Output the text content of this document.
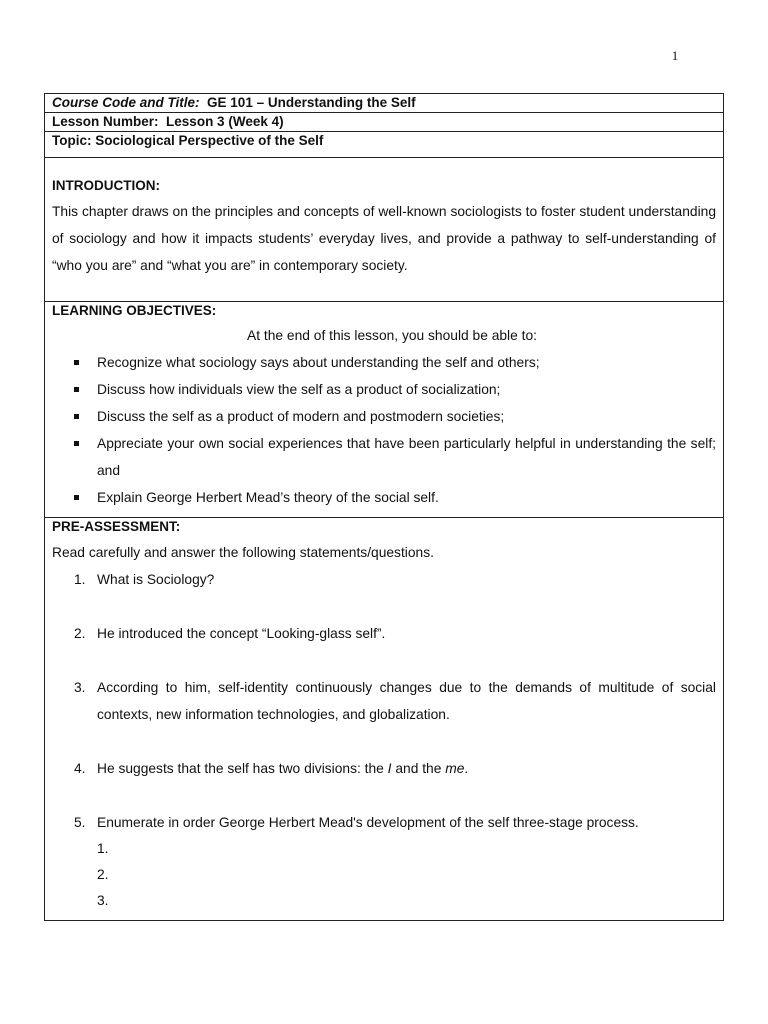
1
Course Code and Title: GE 101 – Understanding the Self
Lesson Number: Lesson 3 (Week 4)
Topic: Sociological Perspective of the Self
INTRODUCTION:
This chapter draws on the principles and concepts of well-known sociologists to foster student understanding of sociology and how it impacts students’ everyday lives, and provide a pathway to self-understanding of “who you are” and “what you are” in contemporary society.
LEARNING OBJECTIVES:
At the end of this lesson, you should be able to:
Recognize what sociology says about understanding the self and others;
Discuss how individuals view the self as a product of socialization;
Discuss the self as a product of modern and postmodern societies;
Appreciate your own social experiences that have been particularly helpful in understanding the self; and
Explain George Herbert Mead’s theory of the social self.
PRE-ASSESSMENT:
Read carefully and answer the following statements/questions.
1. What is Sociology?
2. He introduced the concept “Looking-glass self”.
3. According to him, self-identity continuously changes due to the demands of multitude of social contexts, new information technologies, and globalization.
4. He suggests that the self has two divisions: the I and the me.
5. Enumerate in order George Herbert Mead's development of the self three-stage process.
1.
2.
3.
